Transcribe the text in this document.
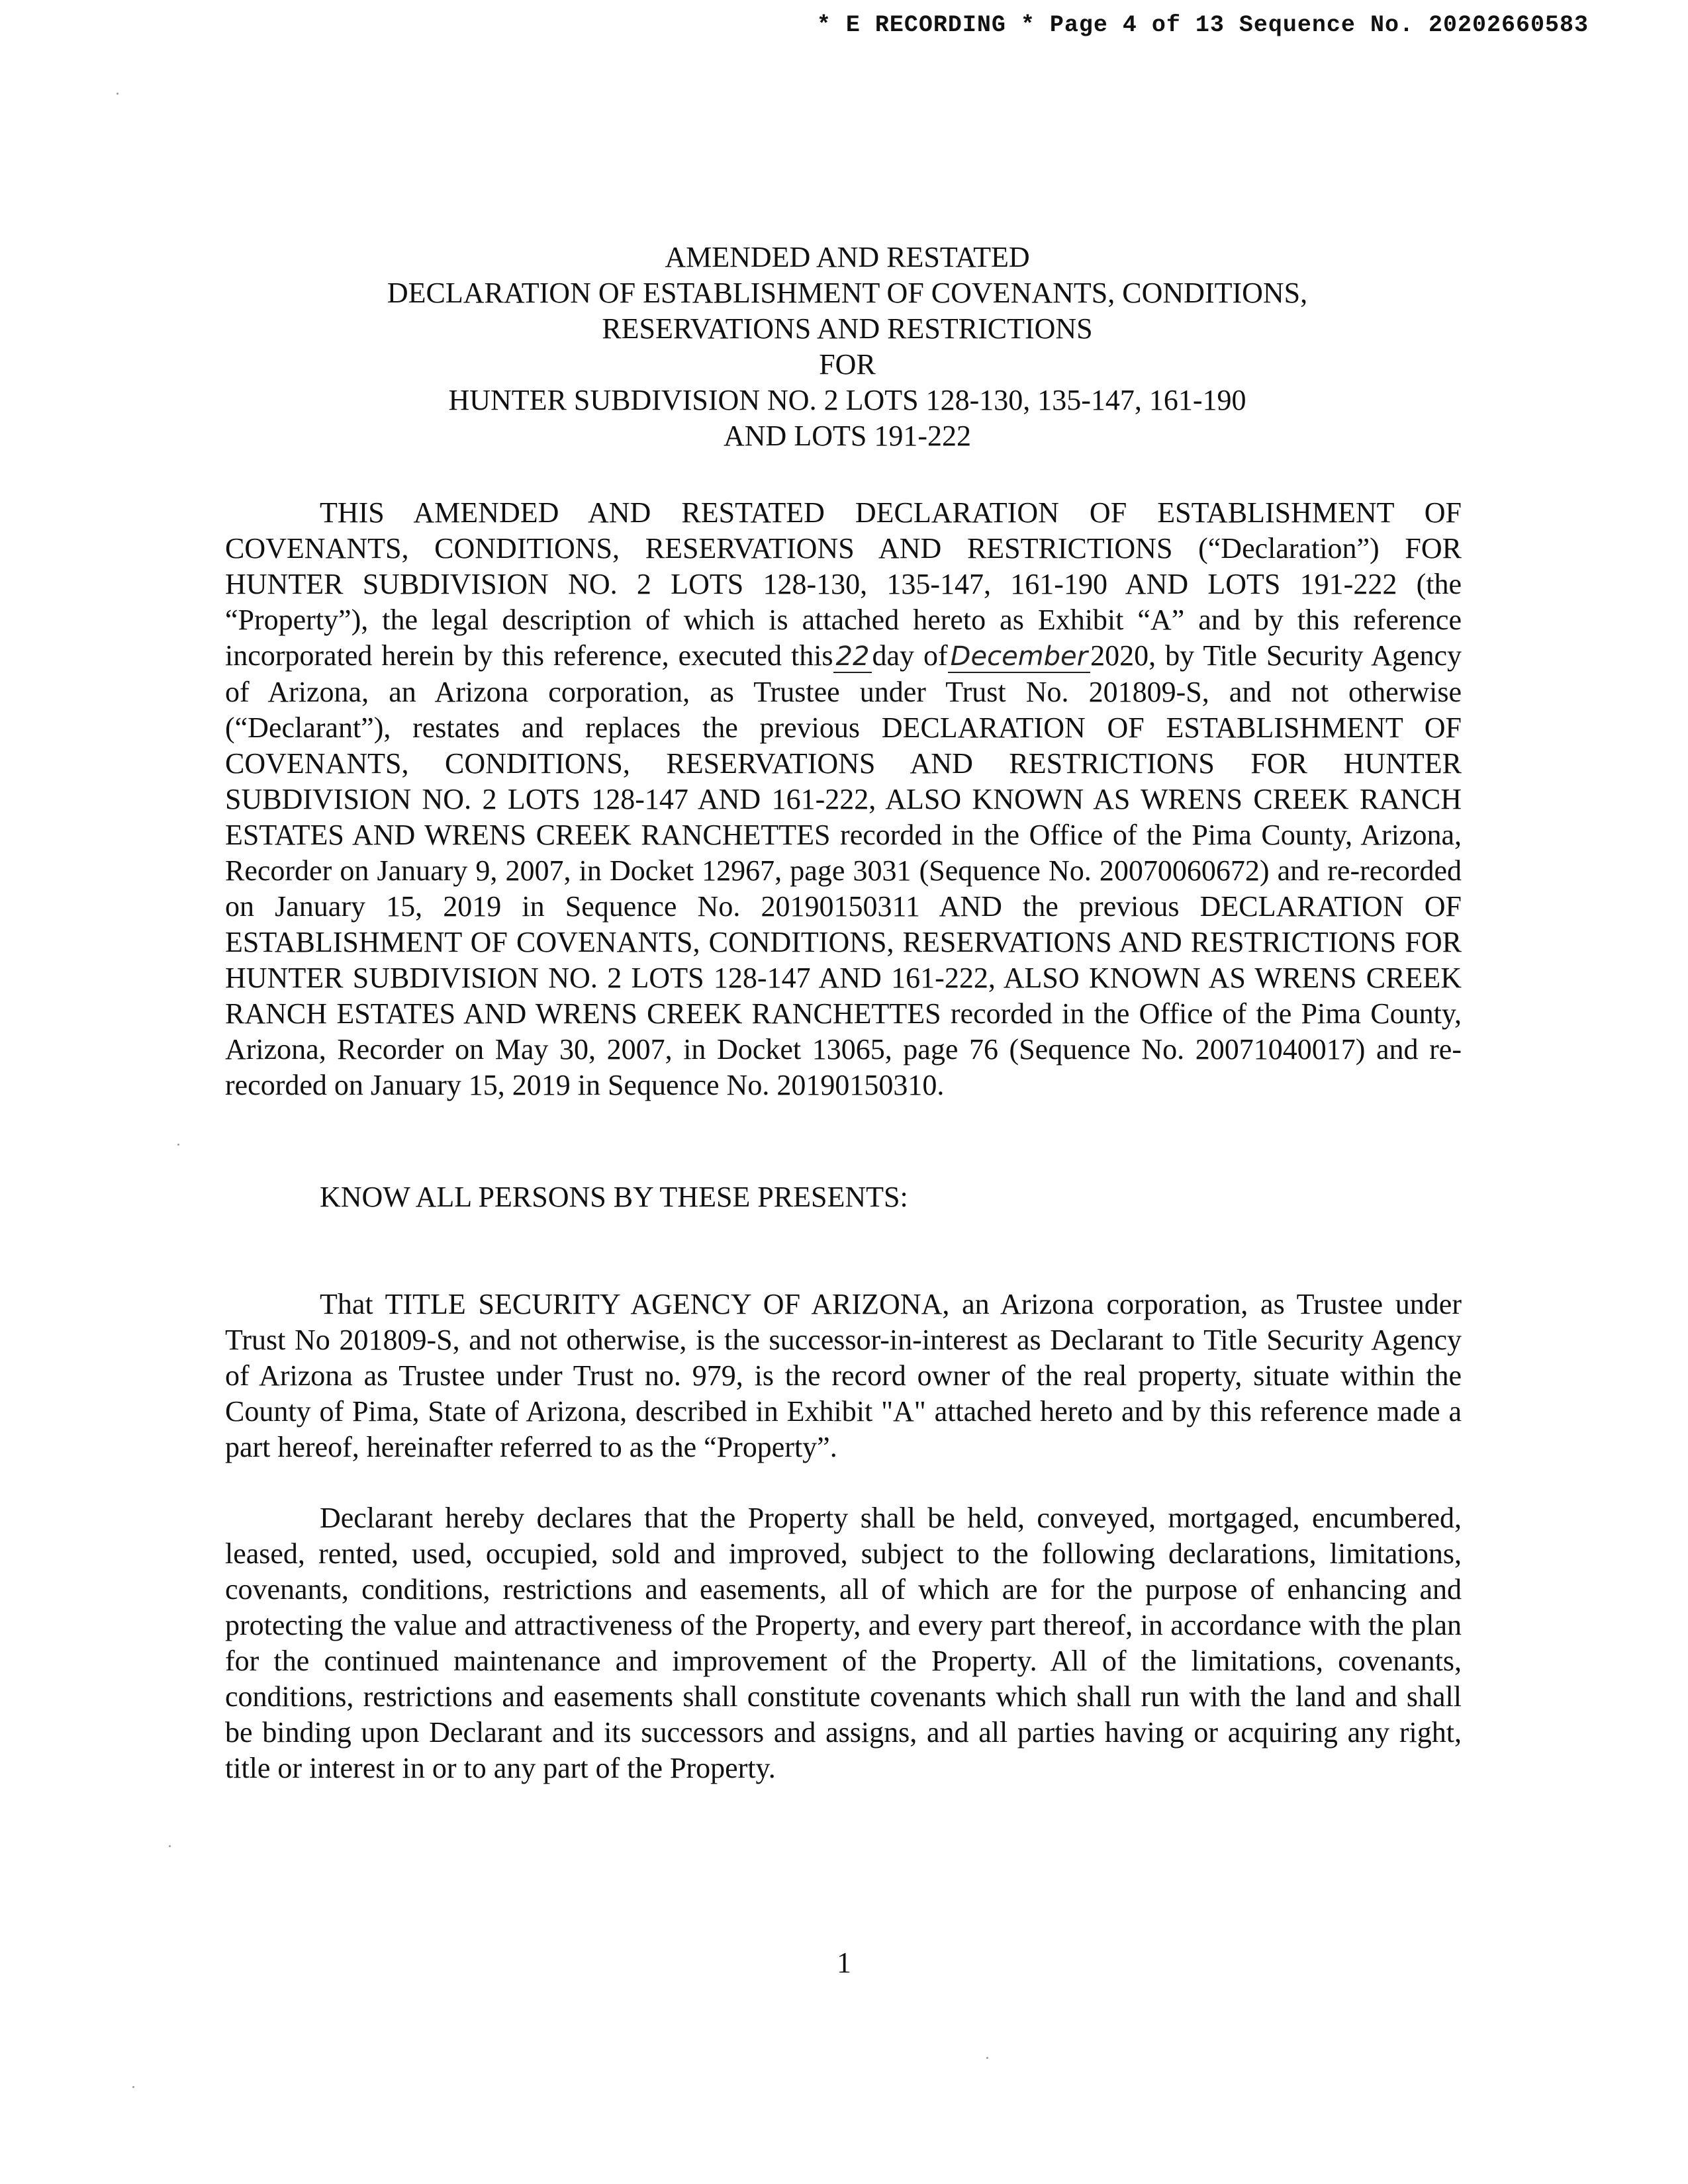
* E RECORDING * Page 4 of 13 Sequence No. 20202660583
AMENDED AND RESTATED
DECLARATION OF ESTABLISHMENT OF COVENANTS, CONDITIONS,
RESERVATIONS AND RESTRICTIONS
FOR
HUNTER SUBDIVISION NO. 2 LOTS 128-130, 135-147, 161-190
AND LOTS 191-222

THIS AMENDED AND RESTATED DECLARATION OF ESTABLISHMENT OF COVENANTS, CONDITIONS, RESERVATIONS AND RESTRICTIONS (“Declaration”) FOR HUNTER SUBDIVISION NO. 2 LOTS 128-130, 135-147, 161-190 AND LOTS 191-222 (the “Property”), the legal description of which is attached hereto as Exhibit “A” and by this reference incorporated herein by this reference, executed this 22day of December2020, by Title Security Agency of Arizona, an Arizona corporation, as Trustee under Trust No. 201809-S, and not otherwise (“Declarant”), restates and replaces the previous DECLARATION OF ESTABLISHMENT OF COVENANTS, CONDITIONS, RESERVATIONS AND RESTRICTIONS FOR HUNTER SUBDIVISION NO. 2 LOTS 128-147 AND 161-222, ALSO KNOWN AS WRENS CREEK RANCH ESTATES AND WRENS CREEK RANCHETTES recorded in the Office of the Pima County, Arizona, Recorder on January 9, 2007, in Docket 12967, page 3031 (Sequence No. 20070060672) and re-recorded on January 15, 2019 in Sequence No. 20190150311 AND the previous DECLARATION OF ESTABLISHMENT OF COVENANTS, CONDITIONS, RESERVATIONS AND RESTRICTIONS FOR HUNTER SUBDIVISION NO. 2 LOTS 128-147 AND 161-222, ALSO KNOWN AS WRENS CREEK RANCH ESTATES AND WRENS CREEK RANCHETTES recorded in the Office of the Pima County, Arizona, Recorder on May 30, 2007, in Docket 13065, page 76 (Sequence No. 20071040017) and re-recorded on January 15, 2019 in Sequence No. 20190150310.

KNOW ALL PERSONS BY THESE PRESENTS:

That TITLE SECURITY AGENCY OF ARIZONA, an Arizona corporation, as Trustee under Trust No 201809-S, and not otherwise, is the successor-in-interest as Declarant to Title Security Agency of Arizona as Trustee under Trust no. 979, is the record owner of the real property, situate within the County of Pima, State of Arizona, described in Exhibit "A" attached hereto and by this reference made a part hereof, hereinafter referred to as the “Property”.

Declarant hereby declares that the Property shall be held, conveyed, mortgaged, encumbered, leased, rented, used, occupied, sold and improved, subject to the following declarations, limitations, covenants, conditions, restrictions and easements, all of which are for the purpose of enhancing and protecting the value and attractiveness of the Property, and every part thereof, in accordance with the plan for the continued maintenance and improvement of the Property. All of the limitations, covenants, conditions, restrictions and easements shall constitute covenants which shall run with the land and shall be binding upon Declarant and its successors and assigns, and all parties having or acquiring any right, title or interest in or to any part of the Property.

1
